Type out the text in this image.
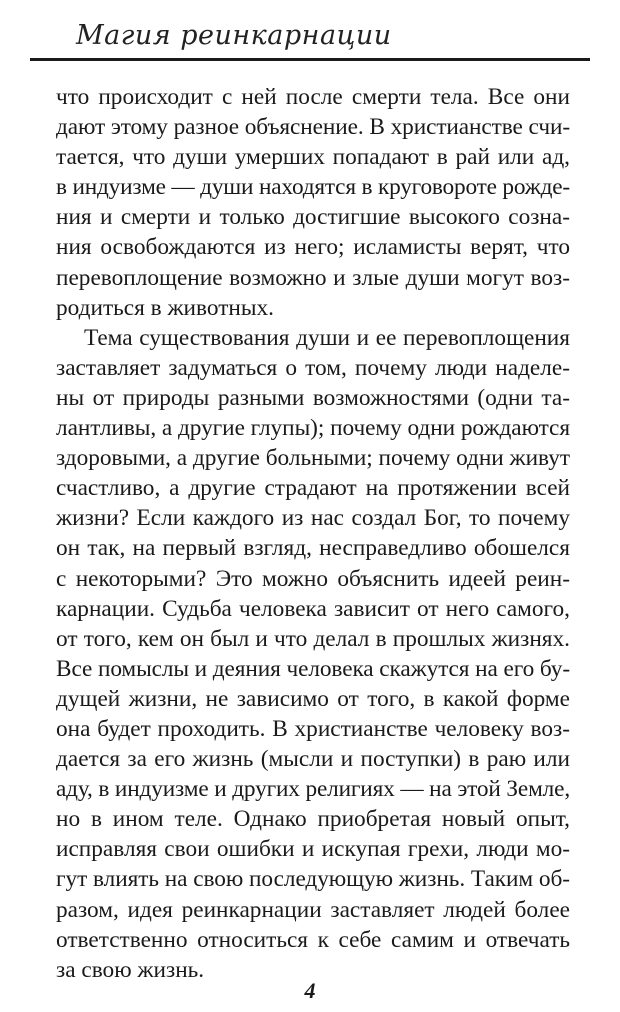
Магия реинкарнации
что происходит с ней после смерти тела. Все они
дают этому разное объяснение. В христианстве счи-
тается, что души умерших попадают в рай или ад,
в индуизме — души находятся в круговороте рожде-
ния и смерти и только достигшие высокого созна-
ния освобождаются из него; исламисты верят, что
перевоплощение возможно и злые души могут воз-
родиться в животных.
Тема существования души и ее перевоплощения
заставляет задуматься о том, почему люди наделе-
ны от природы разными возможностями (одни та-
лантливы, а другие глупы); почему одни рождаются
здоровыми, а другие больными; почему одни живут
счастливо, а другие страдают на протяжении всей
жизни? Если каждого из нас создал Бог, то почему
он так, на первый взгляд, несправедливо обошелся
с некоторыми? Это можно объяснить идеей реин-
карнации. Судьба человека зависит от него самого,
от того, кем он был и что делал в прошлых жизнях.
Все помыслы и деяния человека скажутся на его бу-
дущей жизни, не зависимо от того, в какой форме
она будет проходить. В христианстве человеку воз-
дается за его жизнь (мысли и поступки) в раю или
аду, в индуизме и других религиях — на этой Земле,
но в ином теле. Однако приобретая новый опыт,
исправляя свои ошибки и искупая грехи, люди мо-
гут влиять на свою последующую жизнь. Таким об-
разом, идея реинкарнации заставляет людей более
ответственно относиться к себе самим и отвечать
за свою жизнь.
4
